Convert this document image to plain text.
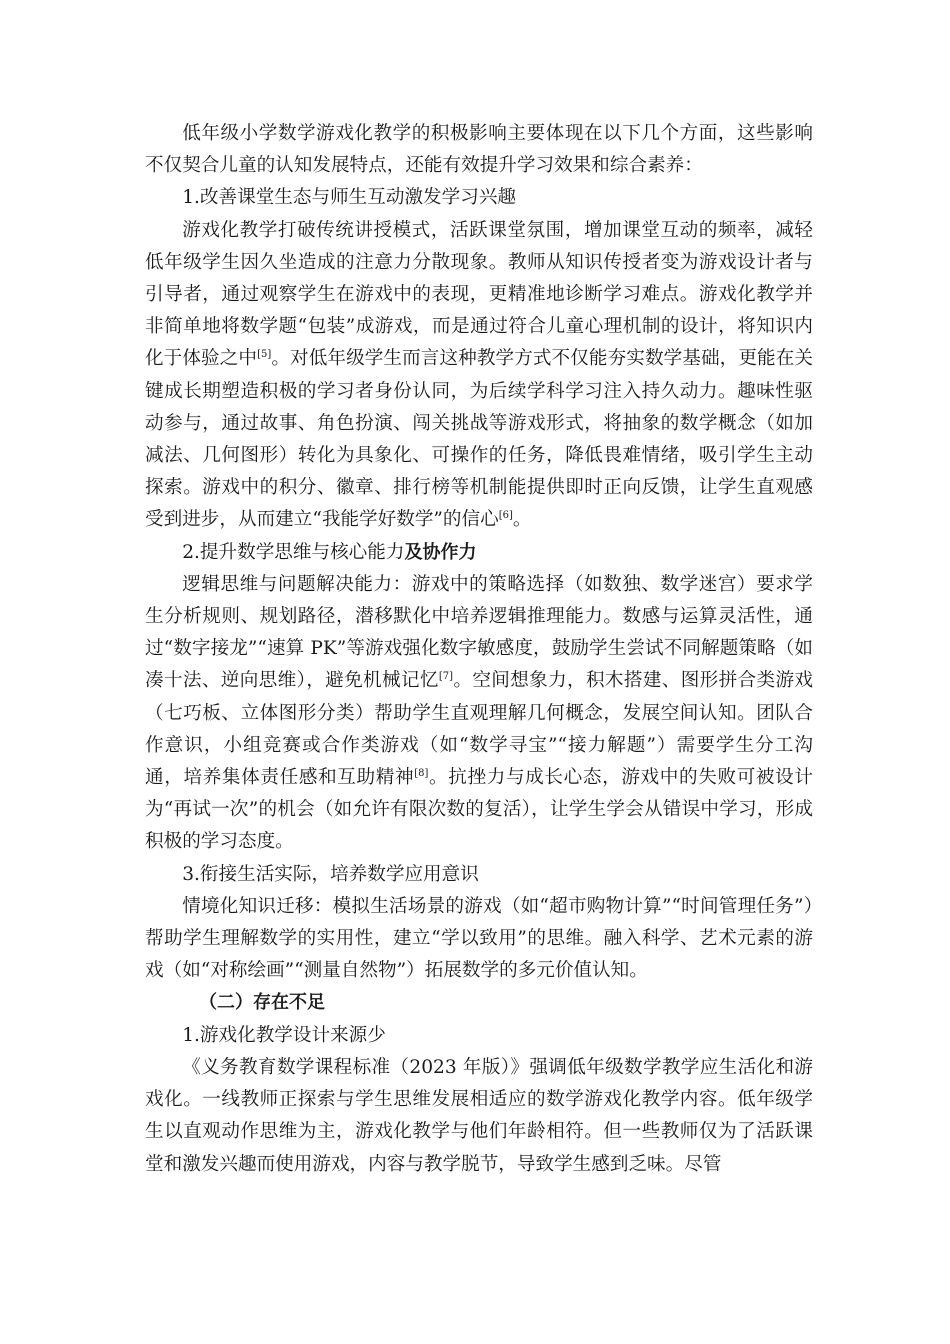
低年级小学数学游戏化教学的积极影响主要体现在以下几个方面，这些影响不仅契合儿童的认知发展特点，还能有效提升学习效果和综合素养：

1.改善课堂生态与师生互动激发学习兴趣

游戏化教学打破传统讲授模式，活跃课堂氛围，增加课堂互动的频率，减轻低年级学生因久坐造成的注意力分散现象。教师从知识传授者变为游戏设计者与引导者，通过观察学生在游戏中的表现，更精准地诊断学习难点。游戏化教学并非简单地将数学题“包装”成游戏，而是通过符合儿童心理机制的设计，将知识内化于体验之中[5]。对低年级学生而言这种教学方式不仅能夯实数学基础，更能在关键成长期塑造积极的学习者身份认同，为后续学科学习注入持久动力。趣味性驱动参与，通过故事、角色扮演、闯关挑战等游戏形式，将抽象的数学概念（如加减法、几何图形）转化为具象化、可操作的任务，降低畏难情绪，吸引学生主动探索。游戏中的积分、徽章、排行榜等机制能提供即时正向反馈，让学生直观感受到进步，从而建立“我能学好数学”的信心[6]。

2.提升数学思维与核心能力及协作力

逻辑思维与问题解决能力：游戏中的策略选择（如数独、数学迷宫）要求学生分析规则、规划路径，潜移默化中培养逻辑推理能力。数感与运算灵活性，通过“数字接龙”“速算 PK”等游戏强化数字敏感度，鼓励学生尝试不同解题策略（如凑十法、逆向思维），避免机械记忆[7]。空间想象力，积木搭建、图形拼合类游戏（七巧板、立体图形分类）帮助学生直观理解几何概念，发展空间认知。团队合作意识，小组竞赛或合作类游戏（如“数学寻宝”“接力解题”）需要学生分工沟通，培养集体责任感和互助精神[8]。抗挫力与成长心态，游戏中的失败可被设计为“再试一次”的机会（如允许有限次数的复活），让学生学会从错误中学习，形成积极的学习态度。

3.衔接生活实际，培养数学应用意识

情境化知识迁移：模拟生活场景的游戏（如“超市购物计算”“时间管理任务”）帮助学生理解数学的实用性，建立“学以致用”的思维。融入科学、艺术元素的游戏（如“对称绘画”“测量自然物”）拓展数学的多元价值认知。

（二）存在不足

1.游戏化教学设计来源少

《义务教育数学课程标准（2023 年版）》强调低年级数学教学应生活化和游戏化。一线教师正探索与学生思维发展相适应的数学游戏化教学内容。低年级学生以直观动作思维为主，游戏化教学与他们年龄相符。但一些教师仅为了活跃课堂和激发兴趣而使用游戏，内容与教学脱节，导致学生感到乏味。尽管
